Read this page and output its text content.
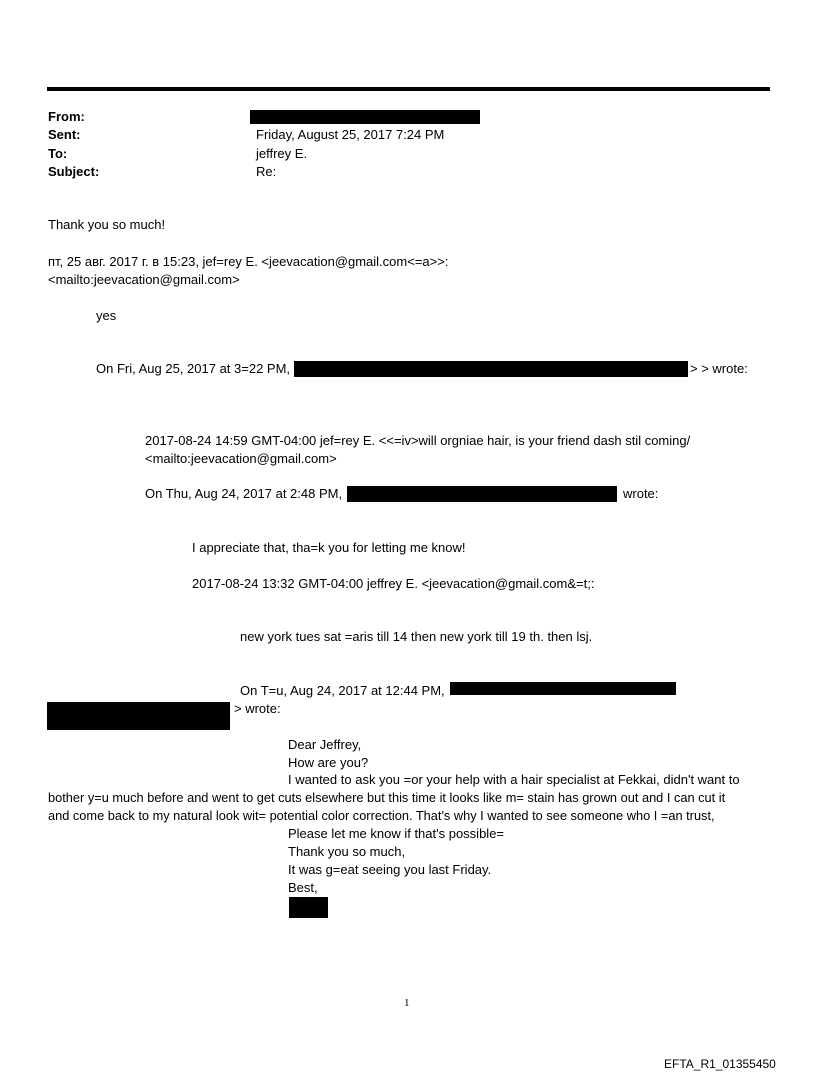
From:
Sent:	Friday, August 25, 2017 7:24 PM
To:	jeffrey E.
Subject:	Re:
Thank you so much!
пт, 25 авг. 2017 г. в 15:23, jef=rey E. <jeevacation@gmail.com<=a>>:
<mailto:jeevacation@gmail.com>
yes
On Fri, Aug 25, 2017 at 3=22 PM,	> > wrote:
2017-08-24 14:59 GMT-04:00 jef=rey E. <<=iv>will orgniae hair, is your friend dash stil coming/
<mailto:jeevacation@gmail.com>
On Thu, Aug 24, 2017 at 2:48 PM,	wrote:
I appreciate that, tha=k you for letting me know!
2017-08-24 13:32 GMT-04:00 jeffrey E. <jeevacation@gmail.com&=t;:
new york tues sat =aris till 14 then new york till 19 th. then lsj.
On T=u, Aug 24, 2017 at 12:44 PM,
> wrote:
Dear Jeffrey,
How are you?
I wanted to ask you =or your help with a hair specialist at Fekkai, didn't want to
bother y=u much before and went to get cuts elsewhere but this time it looks like m= stain has grown out and I can cut it
and come back to my natural look wit= potential color correction. That's why I wanted to see someone who I =an trust,
Please let me know if that's possible=
Thank you so much,
It was g=eat seeing you last Friday.
Best,
1
EFTA_R1_01355450
